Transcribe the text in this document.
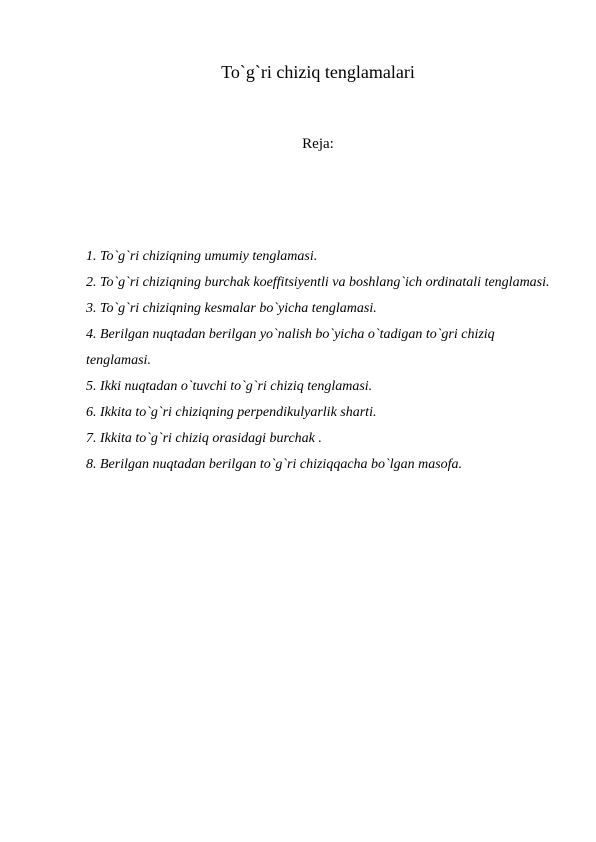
To`g`ri chiziq tenglamalari
Reja:
1. To`g`ri chiziqning umumiy tenglamasi.
2. To`g`ri chiziqning burchak koeffitsiyentli va boshlang`ich ordinatali tenglamasi.
3. To`g`ri chiziqning kesmalar bo`yicha tenglamasi.
4. Berilgan nuqtadan berilgan yo`nalish bo`yicha o`tadigan to`gri chiziq tenglamasi.
5. Ikki nuqtadan o`tuvchi to`g`ri chiziq tenglamasi.
6. Ikkita to`g`ri chiziqning perpendikulyarlik sharti.
7. Ikkita to`g`ri chiziq orasidagi burchak .
8. Berilgan nuqtadan berilgan to`g`ri chiziqqacha bo`lgan masofa.
